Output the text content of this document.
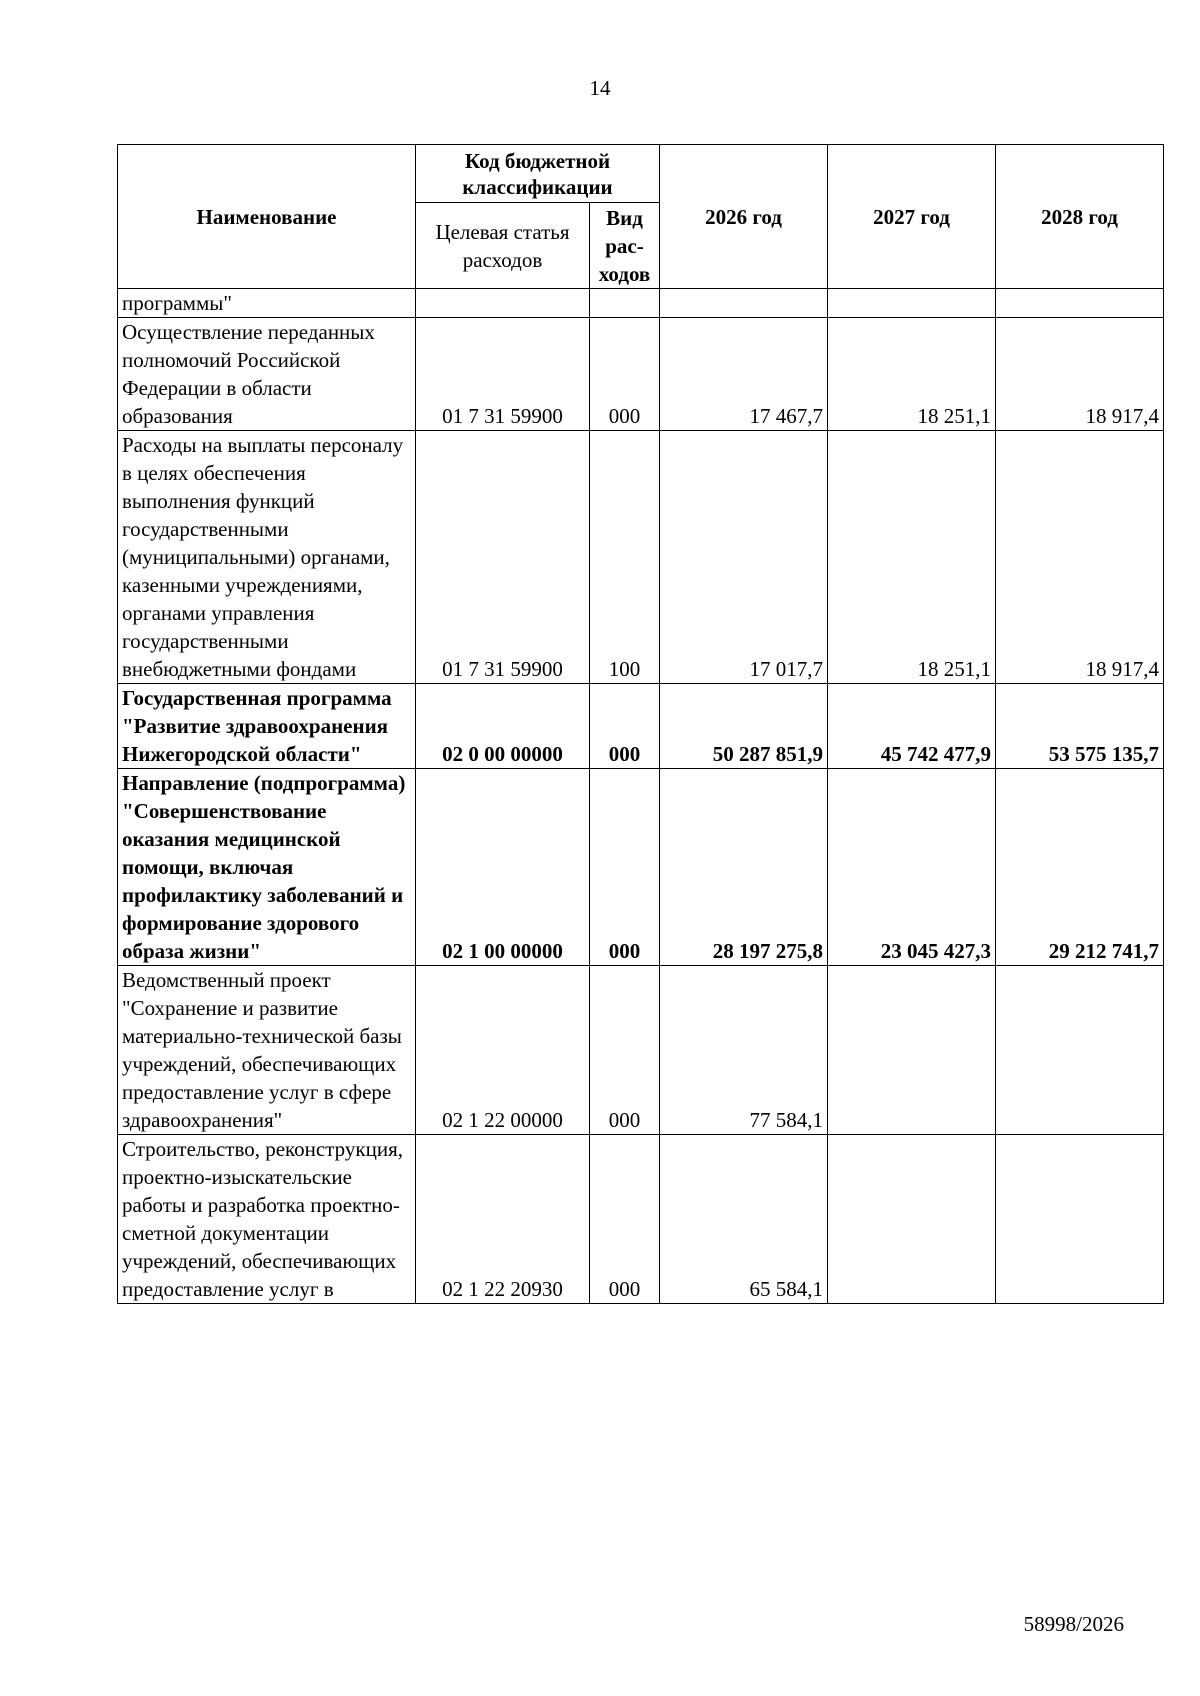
14
Наименование	Код бюджетной классификации		2026 год	2027 год	2028 год
	Целевая статья расходов	Вид рас-ходов			
программы"					
Осуществление переданных полномочий Российской Федерации в области образования	01 7 31 59900	000	17 467,7	18 251,1	18 917,4
Расходы на выплаты персоналу в целях обеспечения выполнения функций государственными (муниципальными) органами, казенными учреждениями, органами управления государственными внебюджетными фондами	01 7 31 59900	100	17 017,7	18 251,1	18 917,4
Государственная программа "Развитие здравоохранения Нижегородской области"	02 0 00 00000	000	50 287 851,9	45 742 477,9	53 575 135,7
Направление (подпрограмма) "Совершенствование оказания медицинской помощи, включая профилактику заболеваний и формирование здорового образа жизни"	02 1 00 00000	000	28 197 275,8	23 045 427,3	29 212 741,7
Ведомственный проект "Сохранение и развитие материально-технической базы учреждений, обеспечивающих предоставление услуг в сфере здравоохранения"	02 1 22 00000	000	77 584,1		
Строительство, реконструкция, проектно-изыскательские работы и разработка проектно-сметной документации учреждений, обеспечивающих предоставление услуг в	02 1 22 20930	000	65 584,1		
58998/2026
